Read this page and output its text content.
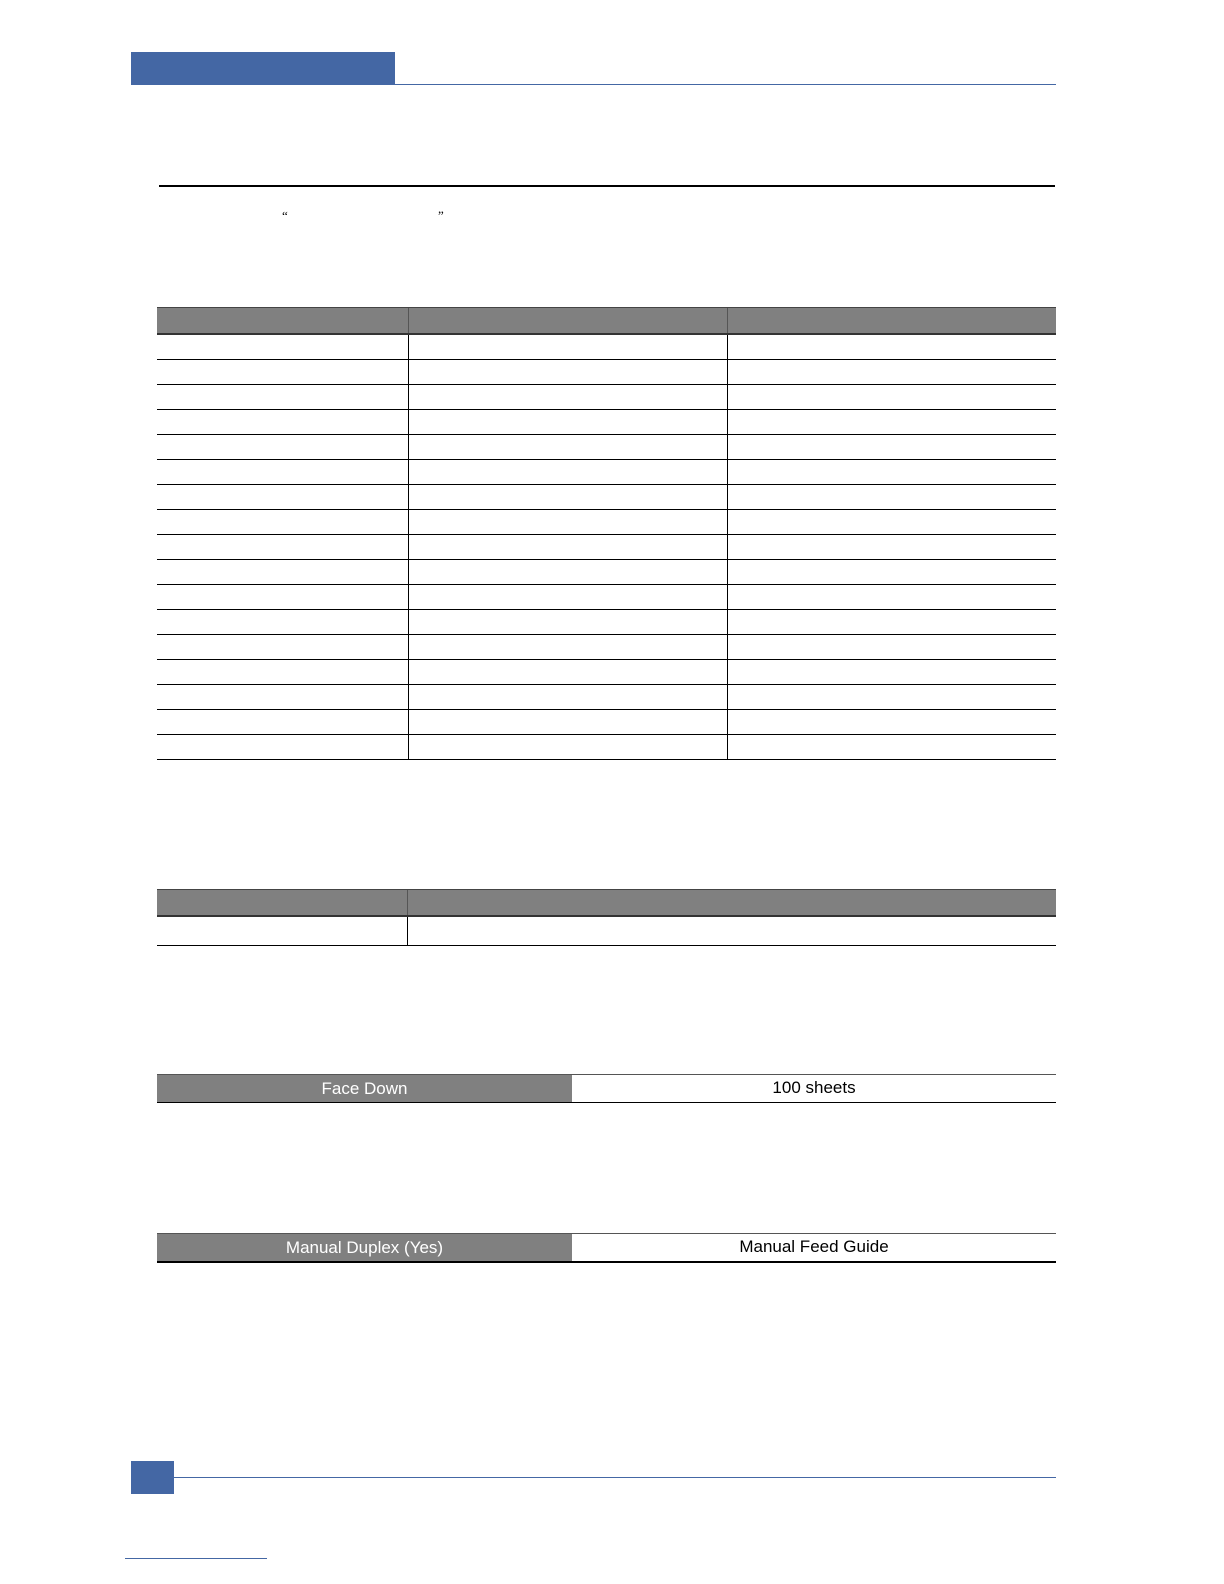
“	”

Face Down	100 sheets
Manual Duplex (Yes)	Manual Feed Guide
